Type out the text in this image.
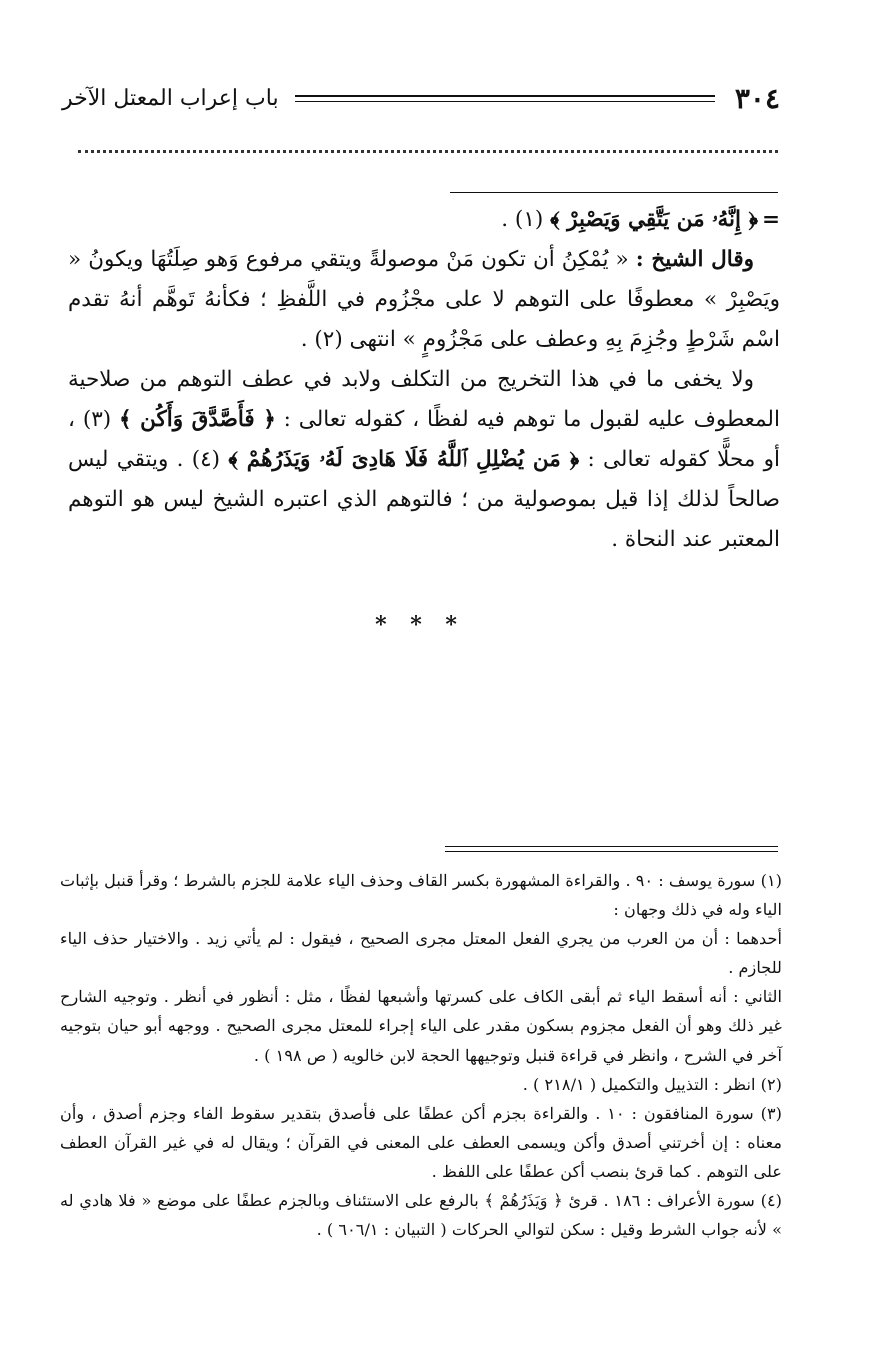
٣٠٤
باب إعراب المعتل الآخر

=﴿ إِنَّهُۥ مَن يَتَّقِي وَيَصْبِرْ ﴾ (١) .

وقال الشيخ : « يُمْكِنُ أن تكون مَنْ موصولةً ويتقي مرفوع وَهو صِلَتُهَا ويكونُ « ويَصْبِرْ » معطوفًا على التوهم لا على مجْزُوم في اللَّفظِ ؛ فكأنهُ تَوهَّم أنهُ تقدم اسْم شَرْطٍ وجُزِمَ بِهِ وعطف على مَجْزُومٍ » انتهى (٢) .

ولا يخفى ما في هذا التخريج من التكلف ولابد في عطف التوهم من صلاحية المعطوف عليه لقبول ما توهم فيه لفظًا ، كقوله تعالى : ﴿ فَأَصَّدَّقَ وَأَكُن ﴾ (٣) ، أو محلًّا كقوله تعالى : ﴿ مَن يُضْلِلِ ٱللَّهُ فَلَا هَادِىَ لَهُۥ وَيَذَرُهُمْ ﴾ (٤) . ويتقي ليس صالحاً لذلك إذا قيل بموصولية من ؛ فالتوهم الذي اعتبره الشيخ ليس هو التوهم المعتبر عند النحاة .

* * *

(١) سورة يوسف : ٩٠ . والقراءة المشهورة بكسر القاف وحذف الياء علامة للجزم بالشرط ؛ وقرأ قنبل بإثبات الياء وله في ذلك وجهان :

أحدهما : أن من العرب من يجري الفعل المعتل مجرى الصحيح ، فيقول : لم يأتي زيد . والاختيار حذف الياء للجازم .

الثاني : أنه أسقط الياء ثم أبقى الكاف على كسرتها وأشبعها لفظًا ، مثل : أنظور في أنظر . وتوجيه الشارح غير ذلك وهو أن الفعل مجزوم بسكون مقدر على الياء إجراء للمعتل مجرى الصحيح . ووجهه أبو حيان بتوجيه آخر في الشرح ، وانظر في قراءة قنبل وتوجيهها الحجة لابن خالويه ( ص ١٩٨ ) .

(٢) انظر : التذييل والتكميل ( ٢١٨/١ ) .

(٣) سورة المنافقون : ١٠ . والقراءة بجزم أكن عطفًا على فأصدق بتقدير سقوط الفاء وجزم أصدق ، وأن معناه : إن أخرتني أصدق وأكن ويسمى العطف على المعنى في القرآن ؛ ويقال له في غير القرآن العطف على التوهم . كما قرئ بنصب أكن عطفًا على اللفظ .

(٤) سورة الأعراف : ١٨٦ . قرئ ﴿ وَيَذَرُهُمْ ﴾ بالرفع على الاستئناف وبالجزم عطفًا على موضع « فلا هادي له » لأنه جواب الشرط وقيل : سكن لتوالي الحركات ( التبيان : ٦٠٦/١ ) .
